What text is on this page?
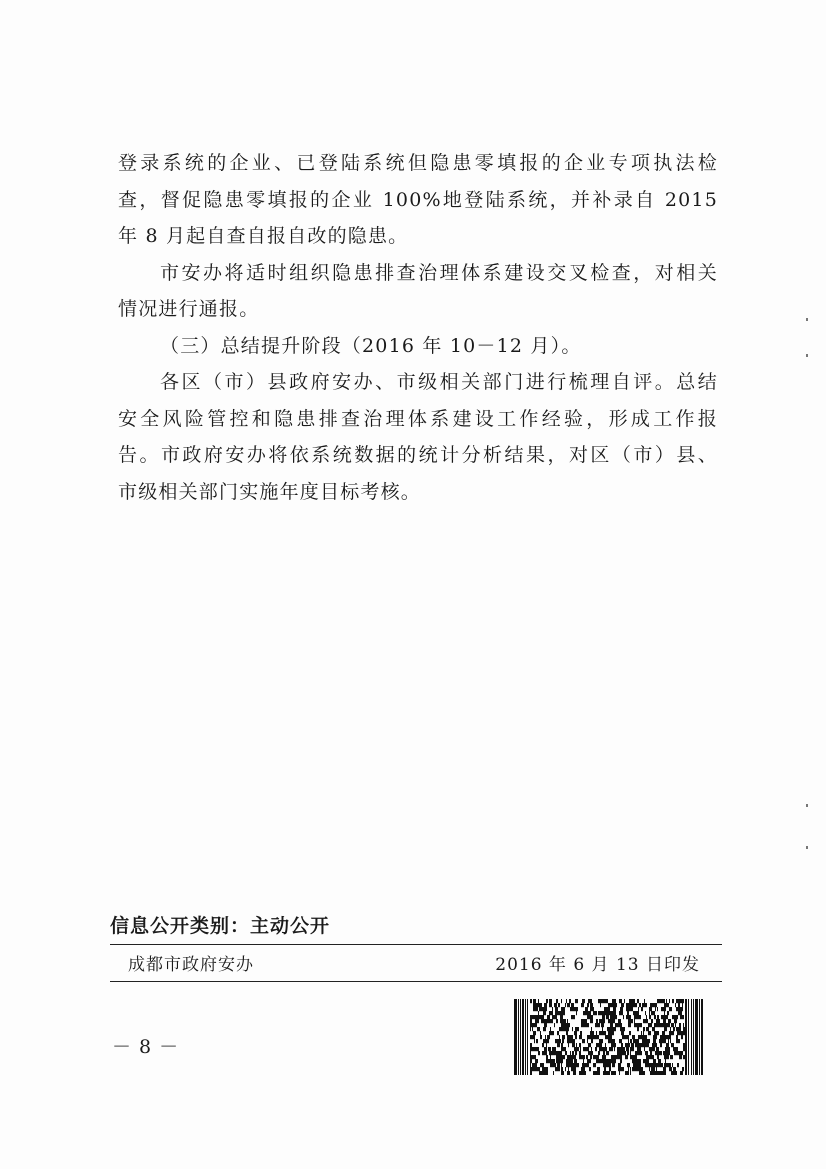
登录系统的企业、已登陆系统但隐患零填报的企业专项执法检
查，督促隐患零填报的企业 100%地登陆系统，并补录自 2015
年 8 月起自查自报自改的隐患。
市安办将适时组织隐患排查治理体系建设交叉检查，对相关
情况进行通报。
（三）总结提升阶段（2016 年 10－12 月）。
各区（市）县政府安办、市级相关部门进行梳理自评。总结
安全风险管控和隐患排查治理体系建设工作经验，形成工作报
告。市政府安办将依系统数据的统计分析结果，对区（市）县、
市级相关部门实施年度目标考核。
信息公开类别：主动公开
成都市政府安办	2016 年 6 月 13 日印发
－ 8 －
